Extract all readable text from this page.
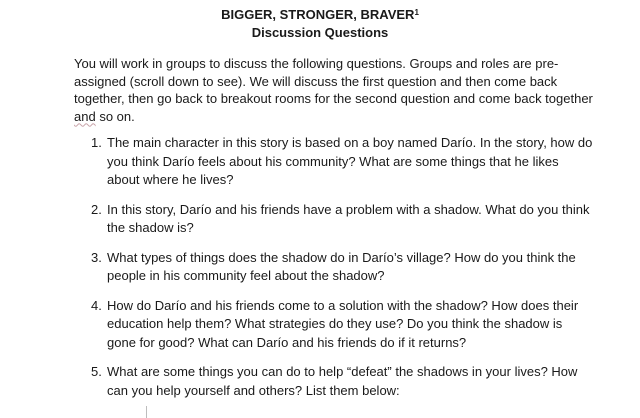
BIGGER, STRONGER, BRAVER$^1$
Discussion Questions

You will work in groups to discuss the following questions. Groups and roles are pre-assigned (scroll down to see). We will discuss the first question and then come back together, then go back to breakout rooms for the second question and come back together and so on.

1. The main character in this story is based on a boy named Darío. In the story, how do you think Darío feels about his community? What are some things that he likes about where he lives?
2. In this story, Darío and his friends have a problem with a shadow. What do you think the shadow is?
3. What types of things does the shadow do in Darío’s village? How do you think the people in his community feel about the shadow?
4. How do Darío and his friends come to a solution with the shadow? How does their education help them? What strategies do they use? Do you think the shadow is gone for good? What can Darío and his friends do if it returns?
5. What are some things you can do to help “defeat” the shadows in your lives? How can you help yourself and others? List them below:
